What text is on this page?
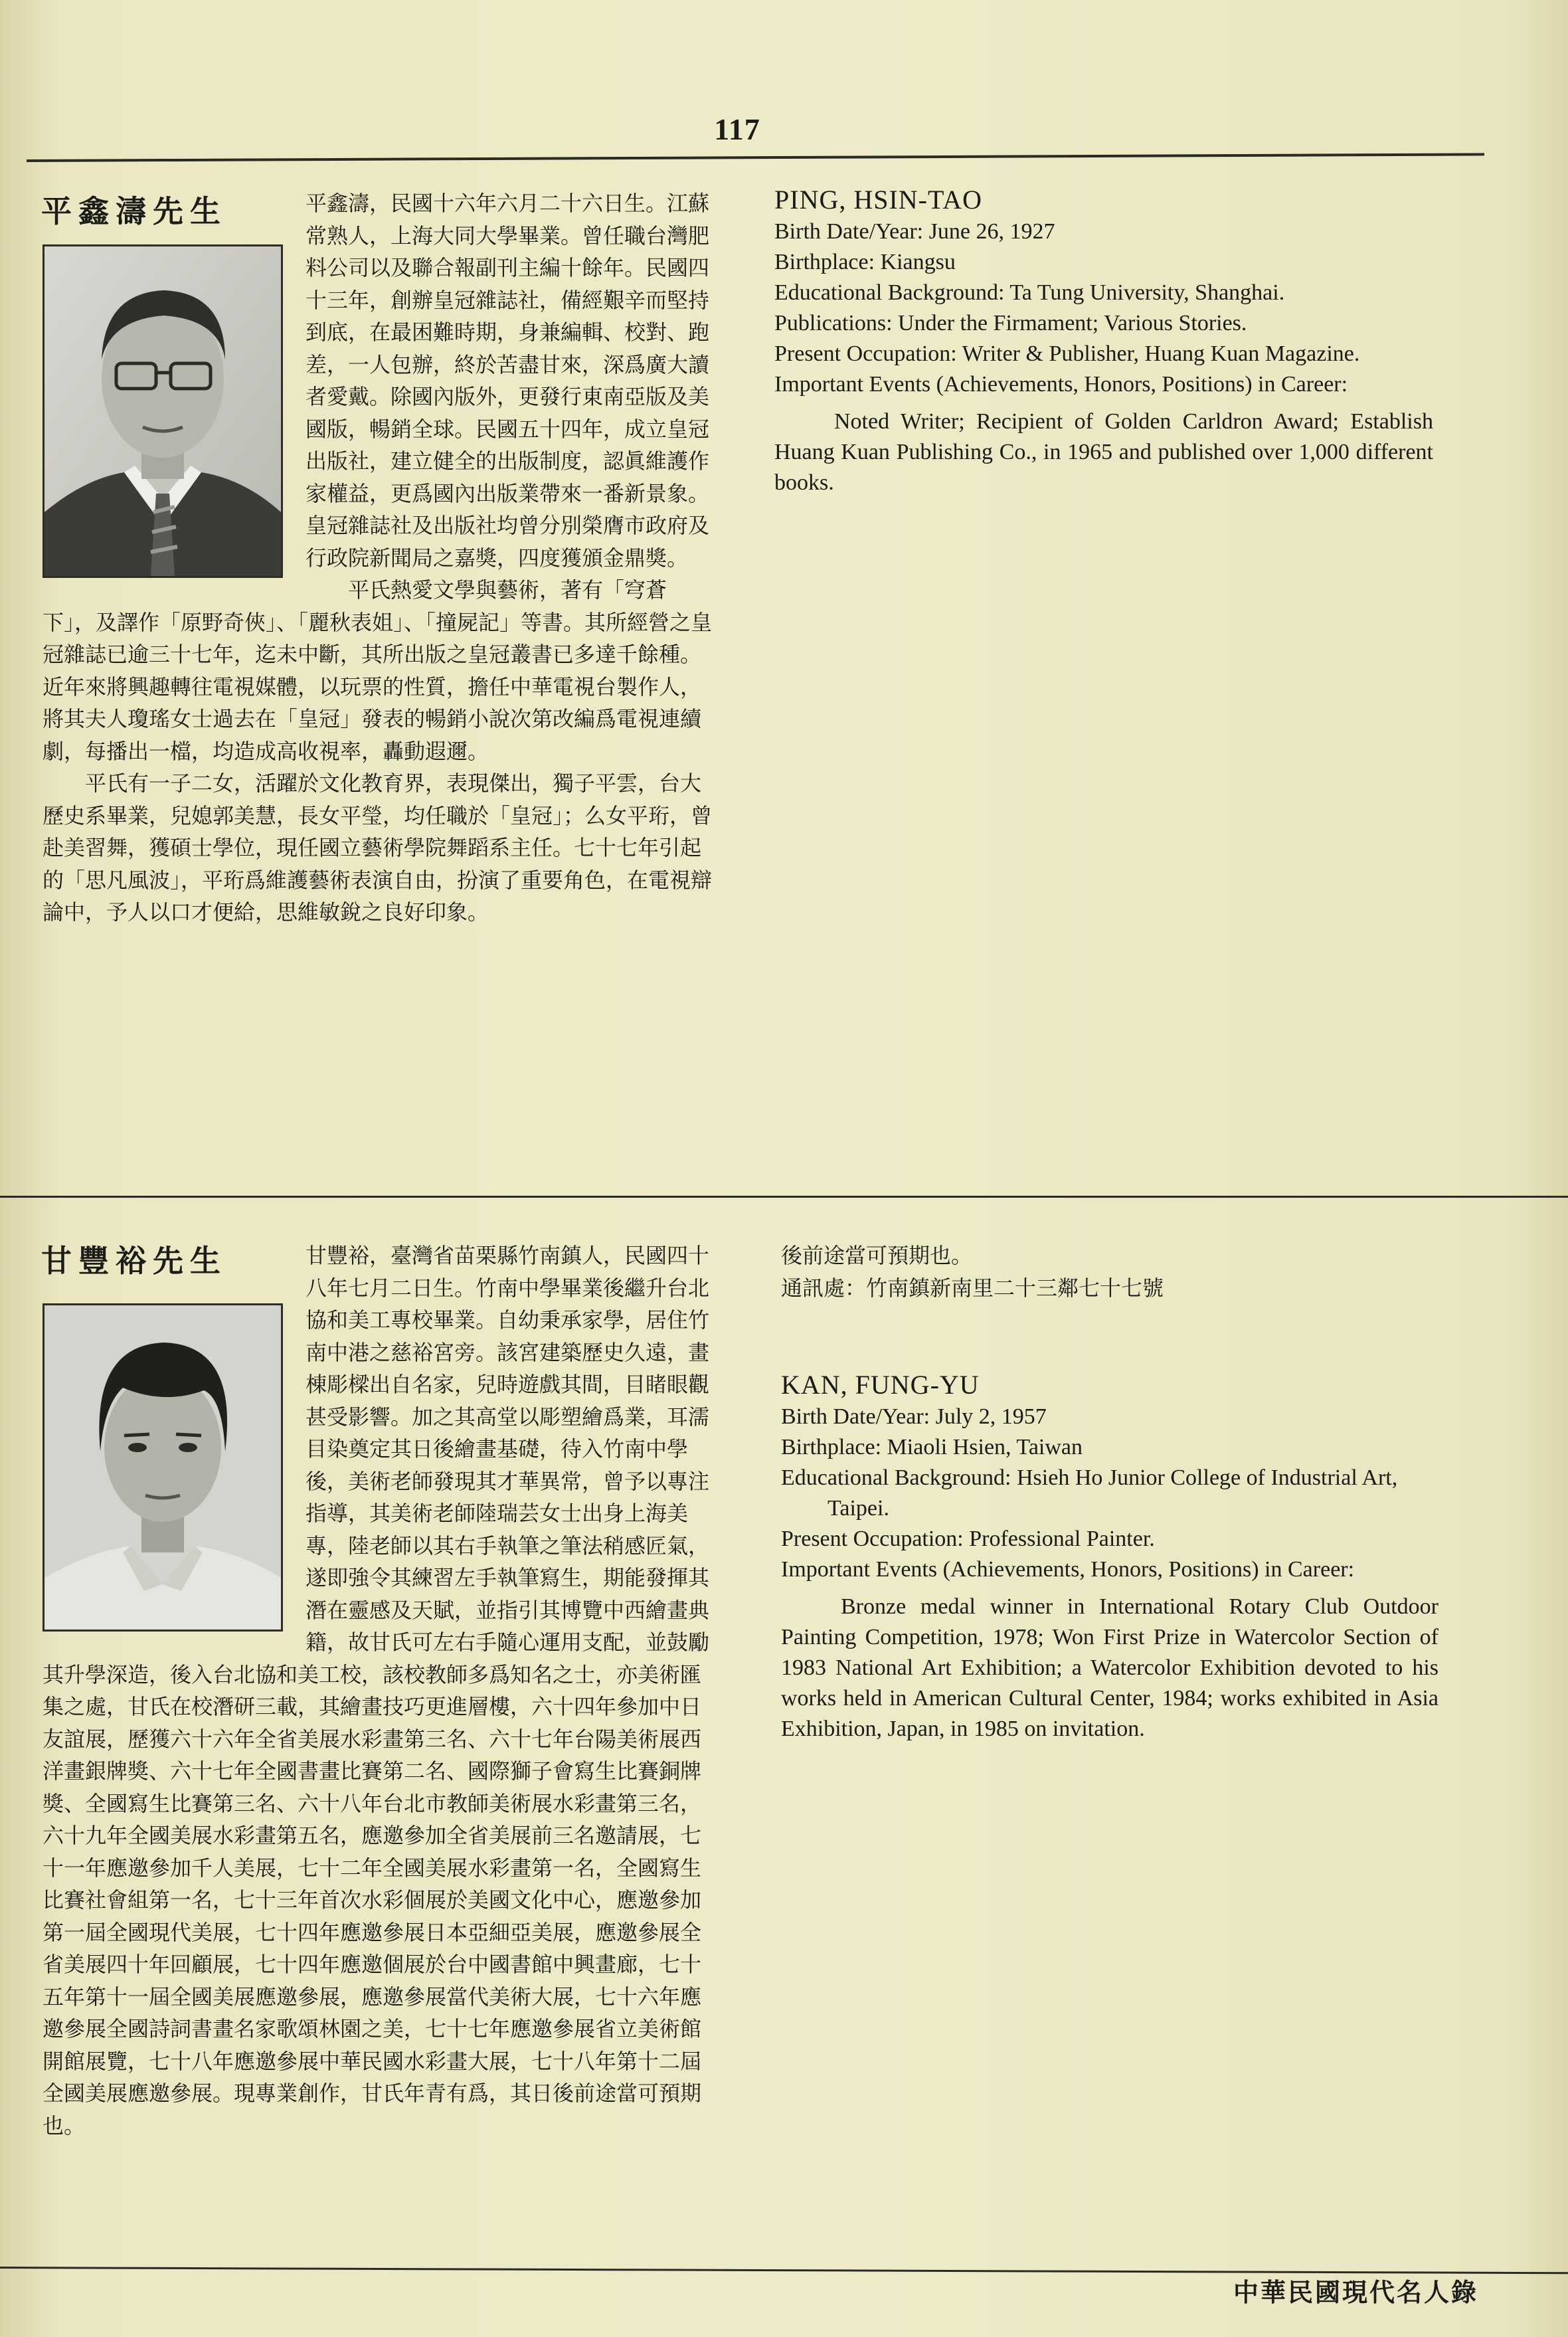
117
平鑫濤先生	平鑫濤，民國十六年六月二十六日生。江蘇常熟人，上海大同大學畢業。曾任職台灣肥料公司以及聯合報副刊主編十餘年。民國四十三年，創辦皇冠雜誌社，備經艱辛而堅持到底，在最困難時期，身兼編輯、校對、跑差，一人包辦，終於苦盡甘來，深爲廣大讀者愛戴。除國內版外，更發行東南亞版及美國版，暢銷全球。民國五十四年，成立皇冠出版社，建立健全的出版制度，認眞維護作家權益，更爲國內出版業帶來一番新景象。皇冠雜誌社及出版社均曾分別榮膺市政府及行政院新聞局之嘉獎，四度獲頒金鼎獎。

平氏熱愛文學與藝術，著有「穹蒼下」，及譯作「原野奇俠」、「麗秋表姐」、「撞屍記」等書。其所經營之皇冠雜誌已逾三十七年，迄未中斷，其所出版之皇冠叢書已多達千餘種。近年來將興趣轉往電視媒體，以玩票的性質，擔任中華電視台製作人，將其夫人瓊瑤女士過去在「皇冠」發表的暢銷小說次第改編爲電視連續劇，每播出一檔，均造成高收視率，轟動遐邇。

平氏有一子二女，活躍於文化教育界，表現傑出，獨子平雲，台大歷史系畢業，兒媳郭美慧，長女平瑩，均任職於「皇冠」；么女平珩，曾赴美習舞，獲碩士學位，現任國立藝術學院舞蹈系主任。七十七年引起的「思凡風波」，平珩爲維護藝術表演自由，扮演了重要角色，在電視辯論中，予人以口才便給，思維敏銳之良好印象。

PING, HSIN-TAO

Birth Date/Year: June 26, 1927

Birthplace: Kiangsu

Educational Background: Ta Tung University, Shanghai.

Publications: Under the Firmament; Various Stories.

Present Occupation: Writer & Publisher, Huang Kuan Magazine.

Important Events (Achievements, Honors, Positions) in Career:

Noted Writer; Recipient of Golden Carldron Award; Establish Huang Kuan Publishing Co., in 1965 and published over 1,000 different books.

甘豐裕先生	甘豐裕，臺灣省苗栗縣竹南鎮人，民國四十八年七月二日生。竹南中學畢業後繼升台北協和美工專校畢業。自幼秉承家學，居住竹南中港之慈裕宮旁。該宮建築歷史久遠，畫棟彫樑出自名家，兒時遊戲其間，目睹眼觀甚受影響。加之其高堂以彫塑繪爲業，耳濡目染奠定其日後繪畫基礎，待入竹南中學後，美術老師發現其才華異常，曾予以專注指導，其美術老師陸瑞芸女士出身上海美專，陸老師以其右手執筆之筆法稍感匠氣，遂即強令其練習左手執筆寫生，期能發揮其潛在靈感及天賦，並指引其博覽中西繪畫典籍，故甘氏可左右手隨心運用支配，並鼓勵其升學深造，後入台北協和美工校，該校教師多爲知名之士，亦美術匯集之處，甘氏在校潛研三載，其繪畫技巧更進層樓，六十四年參加中日友誼展，歷獲六十六年全省美展水彩畫第三名、六十七年台陽美術展西洋畫銀牌獎、六十七年全國書畫比賽第二名、國際獅子會寫生比賽銅牌獎、全國寫生比賽第三名、六十八年台北市教師美術展水彩畫第三名，六十九年全國美展水彩畫第五名，應邀參加全省美展前三名邀請展，七十一年應邀參加千人美展，七十二年全國美展水彩畫第一名，全國寫生比賽社會組第一名，七十三年首次水彩個展於美國文化中心，應邀參加第一屆全國現代美展，七十四年應邀參展日本亞細亞美展，應邀參展全省美展四十年回顧展，七十四年應邀個展於台中國書館中興畫廊，七十五年第十一屆全國美展應邀參展，應邀參展當代美術大展，七十六年應邀參展全國詩詞書畫名家歌頌林園之美，七十七年應邀參展省立美術館開館展覽，七十八年應邀參展中華民國水彩畫大展，七十八年第十二屆全國美展應邀參展。現專業創作，甘氏年青有爲，其日後前途當可預期也。

後前途當可預期也。

通訊處：竹南鎮新南里二十三鄰七十七號

KAN, FUNG-YU

Birth Date/Year: July 2, 1957

Birthplace: Miaoli Hsien, Taiwan

Educational Background: Hsieh Ho Junior College of Industrial Art, Taipei.

Present Occupation: Professional Painter.

Important Events (Achievements, Honors, Positions) in Career:

Bronze medal winner in International Rotary Club Outdoor Painting Competition, 1978; Won First Prize in Watercolor Section of 1983 National Art Exhibition; a Watercolor Exhibition devoted to his works held in American Cultural Center, 1984; works exhibited in Asia Exhibition, Japan, in 1985 on invitation.

中華民國現代名人錄
